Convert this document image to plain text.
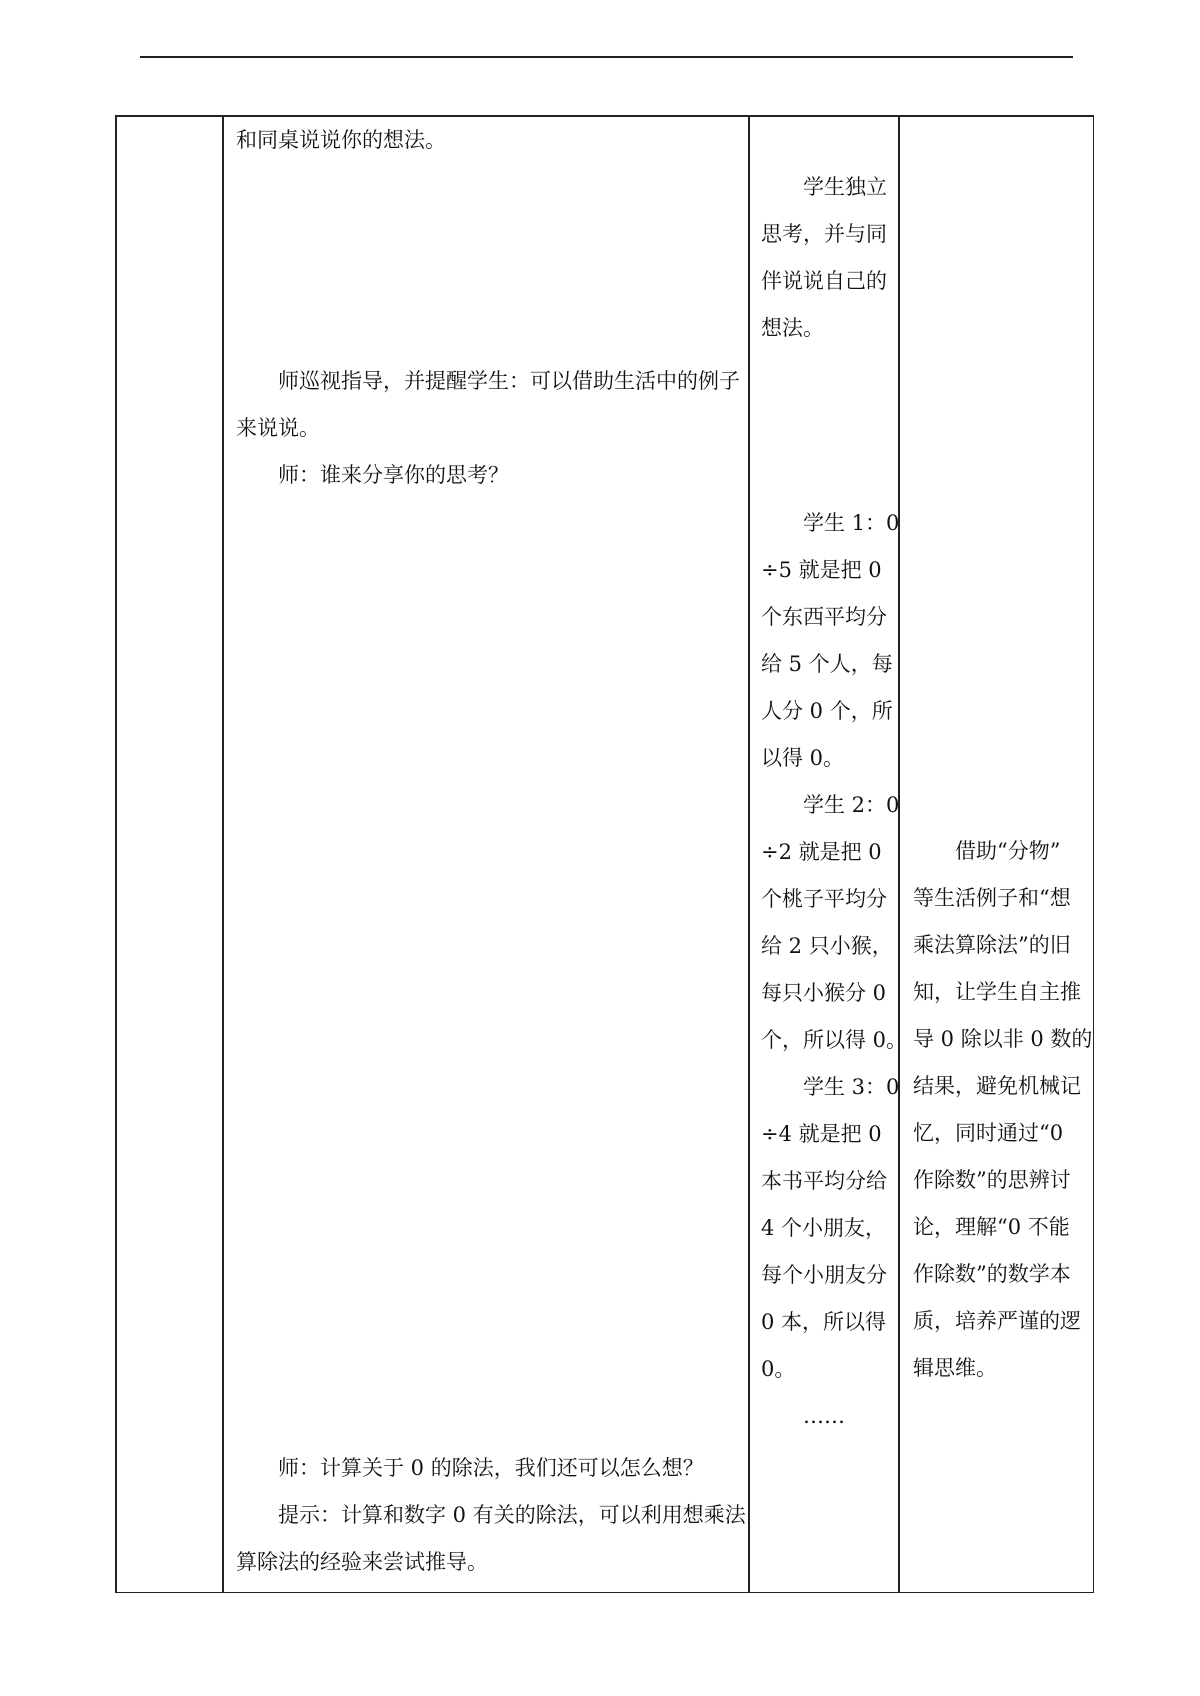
和同桌说说你的想法。
师巡视指导，并提醒学生：可以借助生活中的例子
来说说。
师：谁来分享你的思考？
师：计算关于 0 的除法，我们还可以怎么想？
提示：计算和数字 0 有关的除法，可以利用想乘法
算除法的经验来尝试推导。
学生独立
思考，并与同
伴说说自己的
想法。
学生 1：0
÷5 就是把 0
个东西平均分
给 5 个人，每
人分 0 个，所
以得 0。
学生 2：0
÷2 就是把 0
个桃子平均分
给 2 只小猴，
每只小猴分 0
个，所以得 0。
学生 3：0
÷4 就是把 0
本书平均分给
4 个小朋友，
每个小朋友分
0 本，所以得
0。
……
借助“分物”
等生活例子和“想
乘法算除法”的旧
知，让学生自主推
导 0 除以非 0 数的
结果，避免机械记
忆，同时通过“0
作除数”的思辨讨
论，理解“0 不能
作除数”的数学本
质，培养严谨的逻
辑思维。
